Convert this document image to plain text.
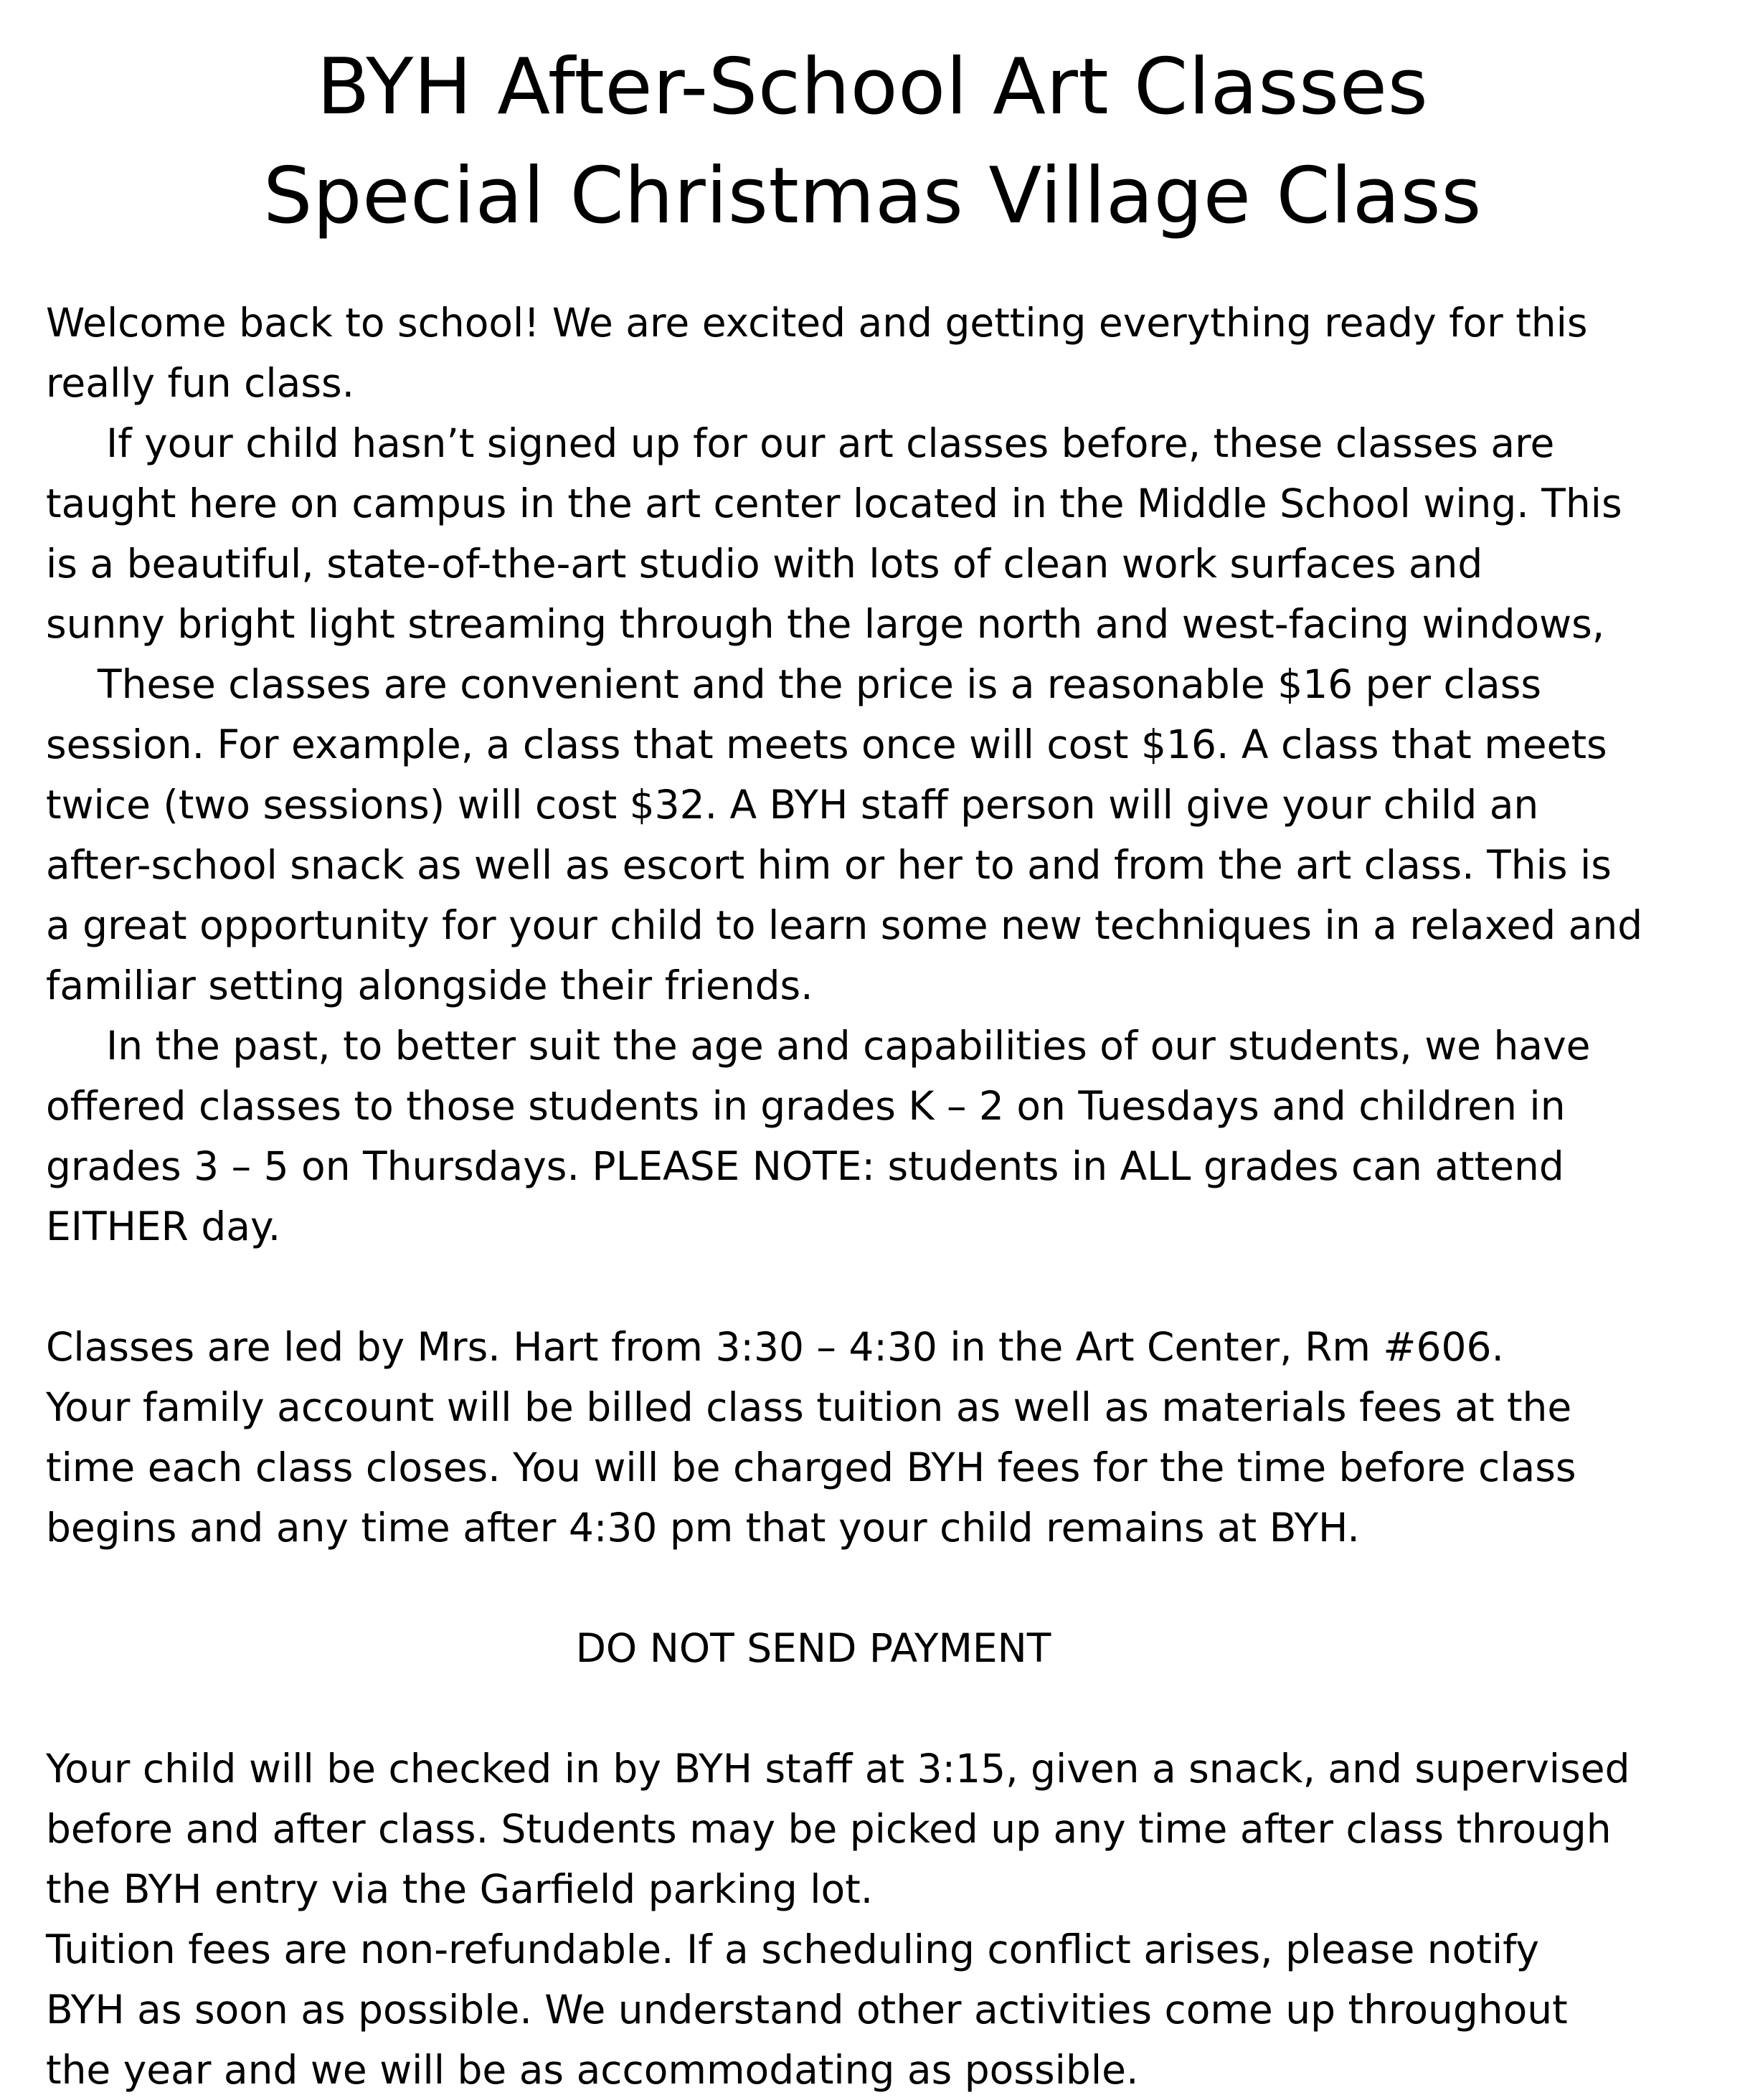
BYH After-School Art Classes
Special Christmas Village Class
Welcome back to school! We are excited and getting everything ready for this
really fun class.
If your child hasn’t signed up for our art classes before, these classes are
taught here on campus in the art center located in the Middle School wing. This
is a beautiful, state-of-the-art studio with lots of clean work surfaces and
sunny bright light streaming through the large north and west-facing windows,
These classes are convenient and the price is a reasonable $16 per class
session. For example, a class that meets once will cost $16. A class that meets
twice (two sessions) will cost $32. A BYH staff person will give your child an
after-school snack as well as escort him or her to and from the art class. This is
a great opportunity for your child to learn some new techniques in a relaxed and
familiar setting alongside their friends.
In the past, to better suit the age and capabilities of our students, we have
offered classes to those students in grades K – 2 on Tuesdays and children in
grades 3 – 5 on Thursdays. PLEASE NOTE: students in ALL grades can attend
EITHER day.
Classes are led by Mrs. Hart from 3:30 – 4:30 in the Art Center, Rm #606.
Your family account will be billed class tuition as well as materials fees at the
time each class closes. You will be charged BYH fees for the time before class
begins and any time after 4:30 pm that your child remains at BYH.
DO NOT SEND PAYMENT
Your child will be checked in by BYH staff at 3:15, given a snack, and supervised
before and after class. Students may be picked up any time after class through
the BYH entry via the Garfield parking lot.
Tuition fees are non-refundable. If a scheduling conflict arises, please notify
BYH as soon as possible. We understand other activities come up throughout
the year and we will be as accommodating as possible.
